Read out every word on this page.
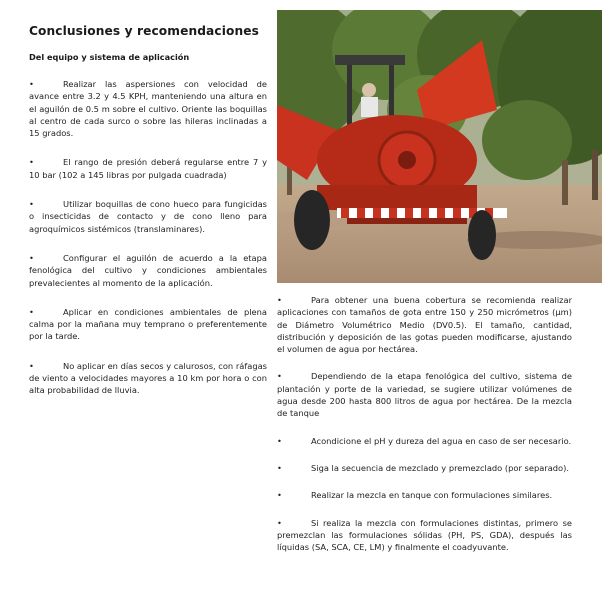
Conclusiones y recomendaciones
Del equipo y sistema de aplicación

•	Realizar las aspersiones con velocidad de avance entre 3.2 y 4.5 KPH, manteniendo una altura en el aguilón de 0.5 m sobre el cultivo. Oriente las boquillas al centro de cada surco o sobre las hileras inclinadas a 15 grados.

•	El rango de presión deberá regularse entre 7 y 10 bar (102 a 145 libras por pulgada cuadrada)

•	Utilizar boquillas de cono hueco para fungicidas o insecticidas de contacto y de cono lleno para agroquímicos sistémicos (translaminares).

•	Configurar el aguilón de acuerdo a la etapa fenológica del cultivo y condiciones ambientales prevalecientes al momento de la aplicación.

•	Aplicar en condiciones ambientales de plena calma por la mañana muy temprano o preferentemente por la tarde.

•	No aplicar en días secos y calurosos, con ráfagas de viento a velocidades mayores a 10 km por hora o con alta probabilidad de lluvia.

•	Para obtener una buena cobertura se recomienda realizar aplicaciones con tamaños de gota entre 150 y 250 micrómetros (µm) de Diámetro Volumétrico Medio (DV0.5). El tamaño, cantidad, distribución y deposición de las gotas pueden modificarse, ajustando el volumen de agua por hectárea.

•	Dependiendo de la etapa fenológica del cultivo, sistema de plantación y porte de la variedad, se sugiere utilizar volúmenes de agua desde 200 hasta 800 litros de agua por hectárea. De la mezcla de tanque

•	Acondicione el pH y dureza del agua en caso de ser necesario.

•	Siga la secuencia de mezclado y premezclado (por separado).

•	Realizar la mezcla en tanque con formulaciones similares.

•	Si realiza la mezcla con formulaciones distintas, primero se premezclan las formulaciones sólidas (PH, PS, GDA), después las líquidas (SA, SCA, CE, LM) y finalmente el coadyuvante.
